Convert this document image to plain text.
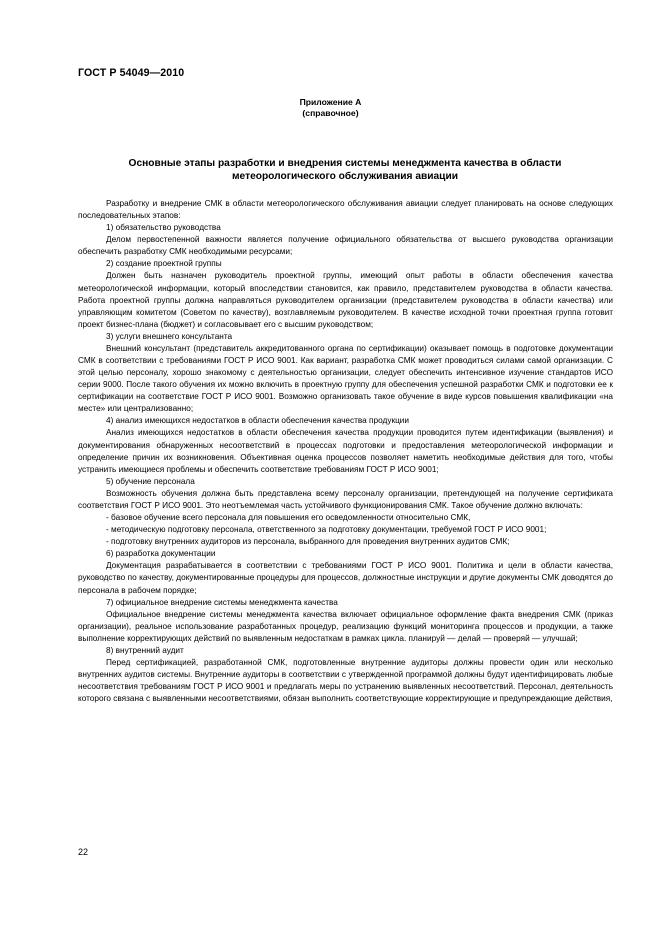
ГОСТ Р 54049—2010
Приложение А
(справочное)
Основные этапы разработки и внедрения системы менеджмента качества в области
метеорологического обслуживания авиации

Разработку и внедрение СМК в области метеорологического обслуживания авиации следует планировать на основе следующих последовательных этапов:

1) обязательство руководства

Делом первостепенной важности является получение официального обязательства от высшего руководства организации обеспечить разработку СМК необходимыми ресурсами;

2) создание проектной группы

Должен быть назначен руководитель проектной группы, имеющий опыт работы в области обеспечения качества метеорологической информации, который впоследствии становится, как правило, представителем руководства в области качества. Работа проектной группы должна направляться руководителем организации (представителем руководства в области качества) или управляющим комитетом (Советом по качеству), возглавляемым руководителем. В качестве исходной точки проектная группа готовит проект бизнес-плана (бюджет) и согласовывает его с высшим руководством;

3) услуги внешнего консультанта

Внешний консультант (представитель аккредитованного органа по сертификации) оказывает помощь в подготовке документации СМК в соответствии с требованиями ГОСТ Р ИСО 9001. Как вариант, разработка СМК может проводиться силами самой организации. С этой целью персоналу, хорошо знакомому с деятельностью организации, следует обеспечить интенсивное изучение стандартов ИСО серии 9000. После такого обучения их можно включить в проектную группу для обеспечения успешной разработки СМК и подготовки ее к сертификации на соответствие ГОСТ Р ИСО 9001. Возможно организовать такое обучение в виде курсов повышения квалификации «на месте» или централизованно;

4) анализ имеющихся недостатков в области обеспечения качества продукции

Анализ имеющихся недостатков в области обеспечения качества продукции проводится путем идентификации (выявления) и документирования обнаруженных несоответствий в процессах подготовки и предоставления метеорологической информации и определение причин их возникновения. Объективная оценка процессов позволяет наметить необходимые действия для того, чтобы устранить имеющиеся проблемы и обеспечить соответствие требованиям ГОСТ Р ИСО 9001;

5) обучение персонала

Возможность обучения должна быть представлена всему персоналу организации, претендующей на получение сертификата соответствия ГОСТ Р ИСО 9001. Это неотъемлемая часть устойчивого функционирования СМК. Такое обучение должно включать:

- базовое обучение всего персонала для повышения его осведомленности относительно СМК,

- методическую подготовку персонала, ответственного за подготовку документации, требуемой ГОСТ Р ИСО 9001;

- подготовку внутренних аудиторов из персонала, выбранного для проведения внутренних аудитов СМК;

6) разработка документации

Документация разрабатывается в соответствии с требованиями ГОСТ Р ИСО 9001. Политика и цели в области качества, руководство по качеству, документированные процедуры для процессов, должностные инструкции и другие документы СМК доводятся до персонала в рабочем порядке;

7) официальное внедрение системы менеджмента качества

Официальное внедрение системы менеджмента качества включает официальное оформление факта внедрения СМК (приказ организации), реальное использование разработанных процедур, реализацию функций мониторинга процессов и продукции, а также выполнение корректирующих действий по выявленным недостаткам в рамках цикла. планируй — делай — проверяй — улучшай;

8) внутренний аудит

Перед сертификацией, разработанной СМК, подготовленные внутренние аудиторы должны провести один или несколько внутренних аудитов системы. Внутренние аудиторы в соответствии с утвержденной программой должны будут идентифицировать любые несоответствия требованиям ГОСТ Р ИСО 9001 и предлагать меры по устранению выявленных несоответствий. Персонал, деятельность которого связана с выявленными несоответствиями, обязан выполнить соответствующие корректирующие и предупреждающие действия,

22
